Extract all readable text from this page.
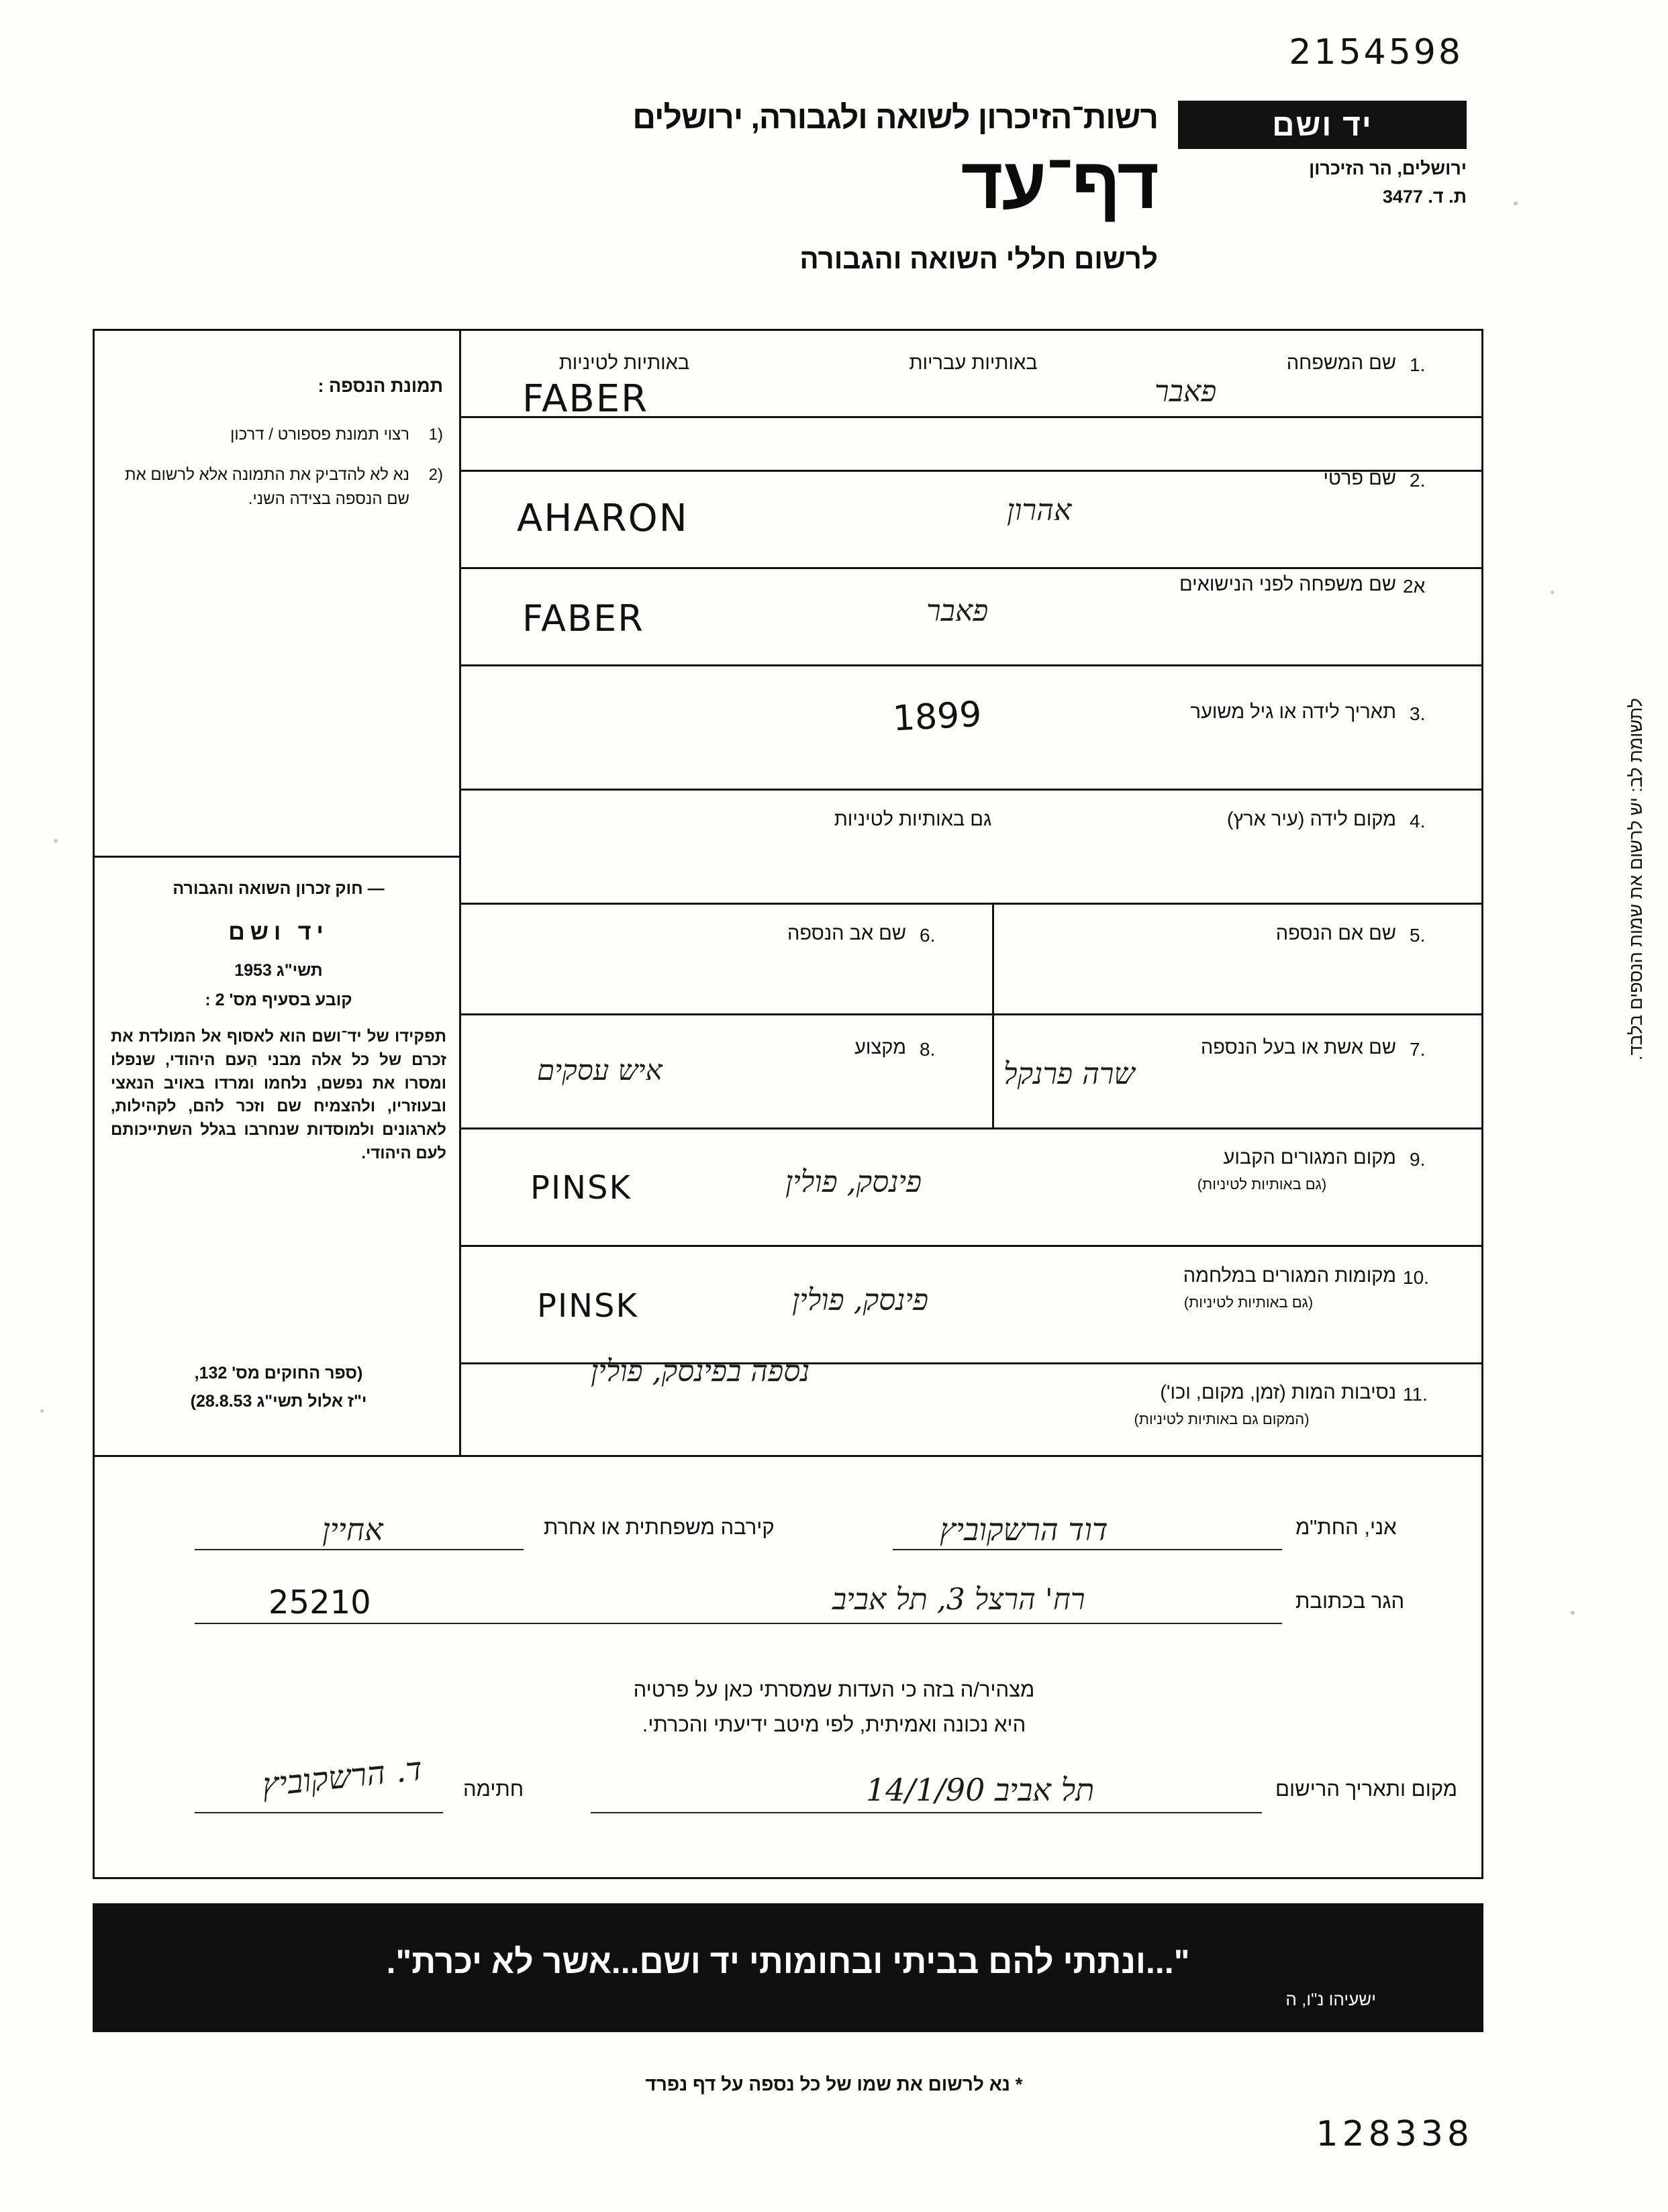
2154598
יד ושם
ירושלים, הר הזיכרון
ת. ד. 3477
רשות־הזיכרון לשואה ולגבורה, ירושלים
דף־עד
לרשום חללי השואה והגבורה
לתשומת לב: יש לרשום את שמות הנספים בלבד.
תמונת הנספה :
רצוי תמונת פספורט / דרכון	(1
נא לא להדביק את התמונה אלא לרשום את שם הנספה בצידה השני.
(2
— חוק זכרון השואה והגבורה
יד ושם
תשי"ג 1953
קובע בסעיף מס' 2 :
תפקידו של יד־ושם הוא לאסוף אל המולדת את זכרם של כל אלה מבני הַעם היהודי, שנפלו ומסרו את נפשם, נלחמו ומרדו באויב הנאצי ובעוזריו, ולהצמיח שם וזכר להם, לקהילות, לארגונים ולמוסדות שנחרבו בגלל השתייכותם לעם היהודי.
(ספר החוקים מס' 132,
י"ז אלול תשי"ג 28.8.53)
1.
שם המשפחה
באותיות עבריות
באותיות לטיניות
FABER	פאבר
2.
שם פרטי
AHARON	אהרון
2א
שם משפחה לפני הנישואים
FABER	פאבר
3.
תאריך לידה או גיל משוער
1899
4.
מקום לידה (עיר ארץ)
גם באותיות לטיניות
5.
שם אם הנספה
6.
שם אב הנספה
7.
שם אשת או בעל הנספה
שרה פרנקל
8.
מקצוע
איש עסקים
9.
מקום המגורים הקבוע
(גם באותיות לטיניות)
PINSK	פינסק, פולין
10.
מקומות המגורים במלחמה
(גם באותיות לטיניות)
PINSK	פינסק, פולין
11.
נסיבות המות (זמן, מקום, וכו')
(המקום גם באותיות לטיניות)
נספה בפינסק, פולין
אני, החת"מ
דוד הרשקוביץ
קירבה משפחתית או אחרת
אחיין
הגר בכתובת
רח' הרצל 3, תל אביב
25210
מצהיר/ה בזה כי העדות שמסרתי כאן על פרטיה
היא נכונה ואמיתית, לפי מיטב ידיעתי והכרתי.
מקום ותאריך הרישום
תל אביב 14/1/90
חתימה
ד. הרשקוביץ
"...ונתתי להם בביתי ובחומותי יד ושם...אשר לא יכרת".
ישעיהו נ"ו, ה
* נא לרשום את שמו של כל נספה על דף נפרד
128338
